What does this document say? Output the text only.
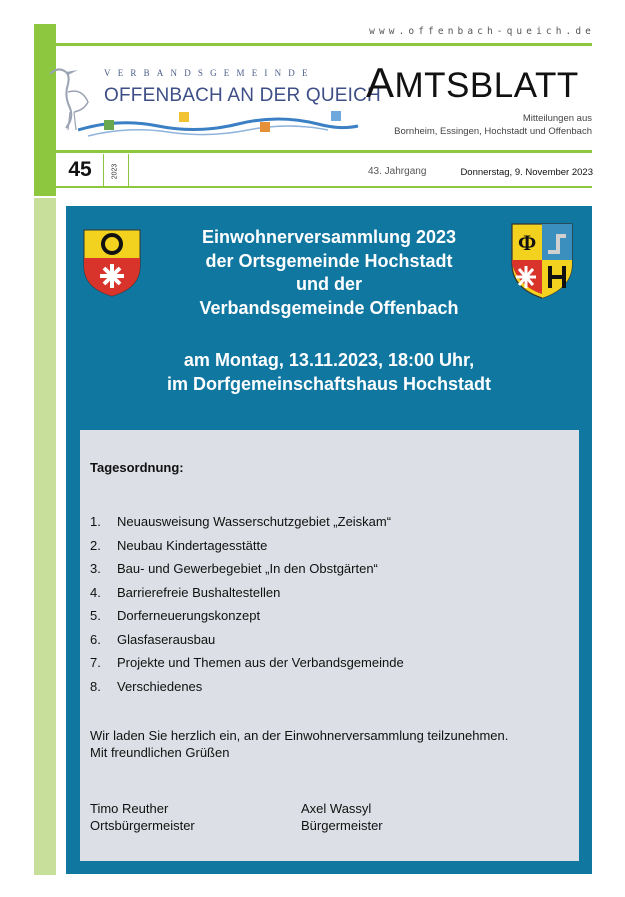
www.offenbach-queich.de
VERBANDSGEMEINDE
OFFENBACH AN DER QUEICH
AMTSBLATT
Mitteilungen aus
Bornheim, Essingen, Hochstadt und Offenbach
45	2023	43. Jahrgang	Donnerstag, 9. November 2023
Φ

Einwohnerversammlung 2023

der Ortsgemeinde Hochstadt

und der

Verbandsgemeinde Offenbach

am Montag, 13.11.2023, 18:00 Uhr,

im Dorfgemeinschaftshaus Hochstadt

Tagesordnung:
1.	Neuausweisung Wasserschutzgebiet „Zeiskam“
2.	Neubau Kindertagesstätte
3.	Bau- und Gewerbegebiet „In den Obstgärten“
4.	Barrierefreie Bushaltestellen
5.	Dorferneuerungskonzept
6.	Glasfaserausbau
7.	Projekte und Themen aus der Verbandsgemeinde
8.	Verschiedenes
Wir laden Sie herzlich ein, an der Einwohnerversammlung teilzunehmen.
Mit freundlichen Grüßen
Timo Reuther
Ortsbürgermeister
Axel Wassyl
Bürgermeister
